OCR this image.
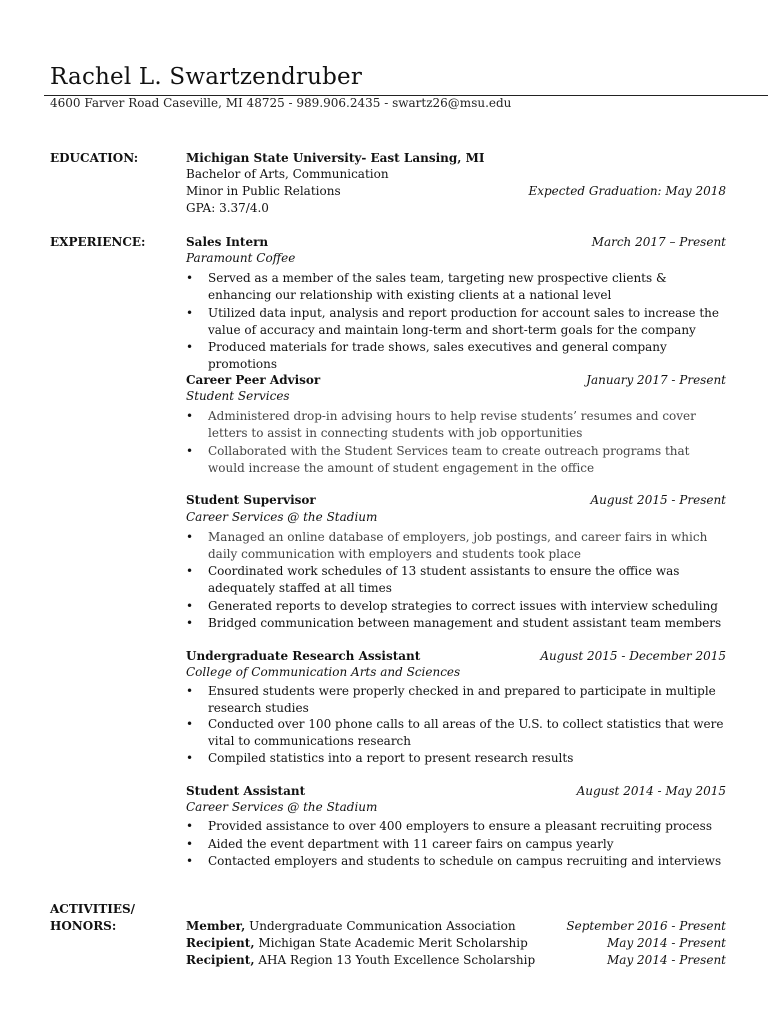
Rachel L. Swartzendruber
4600 Farver Road Caseville, MI 48725 - 989.906.2435 - swartz26@msu.edu
EDUCATION:	Michigan State University- East Lansing, MI
Bachelor of Arts, Communication
Minor in Public Relations	Expected Graduation: May 2018
GPA: 3.37/4.0
EXPERIENCE:	Sales Intern	March 2017 – Present
Paramount Coffee
• Served as a member of the sales team, targeting new prospective clients & enhancing our relationship with existing clients at a national level
• Utilized data input, analysis and report production for account sales to increase the value of accuracy and maintain long-term and short-term goals for the company
• Produced materials for trade shows, sales executives and general company promotions
Career Peer Advisor	January 2017 - Present
Student Services
• Administered drop-in advising hours to help revise students’ resumes and cover letters to assist in connecting students with job opportunities
• Collaborated with the Student Services team to create outreach programs that would increase the amount of student engagement in the office
Student Supervisor	August 2015 - Present
Career Services @ the Stadium
• Managed an online database of employers, job postings, and career fairs in which daily communication with employers and students took place
• Coordinated work schedules of 13 student assistants to ensure the office was adequately staffed at all times
• Generated reports to develop strategies to correct issues with interview scheduling
• Bridged communication between management and student assistant team members
Undergraduate Research Assistant	August 2015 - December 2015
College of Communication Arts and Sciences
• Ensured students were properly checked in and prepared to participate in multiple research studies
• Conducted over 100 phone calls to all areas of the U.S. to collect statistics that were vital to communications research
• Compiled statistics into a report to present research results
Student Assistant	August 2014 - May 2015
Career Services @ the Stadium
• Provided assistance to over 400 employers to ensure a pleasant recruiting process
• Aided the event department with 11 career fairs on campus yearly
• Contacted employers and students to schedule on campus recruiting and interviews
ACTIVITIES/
HONORS:	Member, Undergraduate Communication Association	September 2016 - Present
Recipient, Michigan State Academic Merit Scholarship	May 2014 - Present
Recipient, AHA Region 13 Youth Excellence Scholarship	May 2014 - Present
